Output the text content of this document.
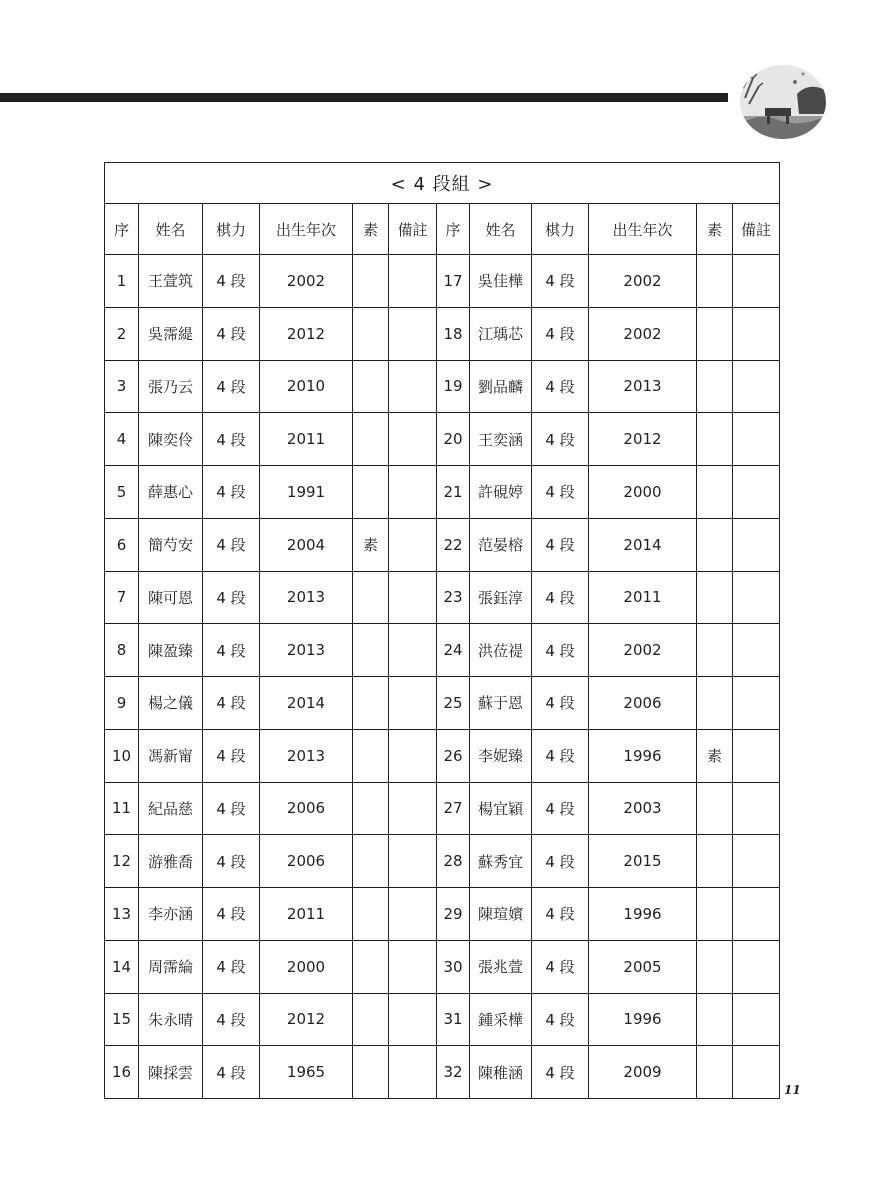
< 4 段組 >											
序	姓名	棋力	出生年次	素	備註	序	姓名	棋力	出生年次	素	備註
1	王萱筑	4 段	2002			17	吳佳樺	4 段	2002		
2	吳霈緹	4 段	2012			18	江瑀芯	4 段	2002		
3	張乃云	4 段	2010			19	劉品麟	4 段	2013		
4	陳奕伶	4 段	2011			20	王奕涵	4 段	2012		
5	薛惠心	4 段	1991			21	許硯婷	4 段	2000		
6	簡芍安	4 段	2004	素		22	范晏榕	4 段	2014		
7	陳可恩	4 段	2013			23	張鈺淳	4 段	2011		
8	陳盈臻	4 段	2013			24	洪莅禔	4 段	2002		
9	楊之儀	4 段	2014			25	蘇于恩	4 段	2006		
10	馮新甯	4 段	2013			26	李妮臻	4 段	1996	素	
11	紀品慈	4 段	2006			27	楊宜穎	4 段	2003		
12	游雅喬	4 段	2006			28	蘇秀宜	4 段	2015		
13	李亦涵	4 段	2011			29	陳瑄嬪	4 段	1996		
14	周霈綸	4 段	2000			30	張兆萱	4 段	2005		
15	朱永晴	4 段	2012			31	鍾采樺	4 段	1996		
16	陳採雲	4 段	1965			32	陳稚涵	4 段	2009		
11
